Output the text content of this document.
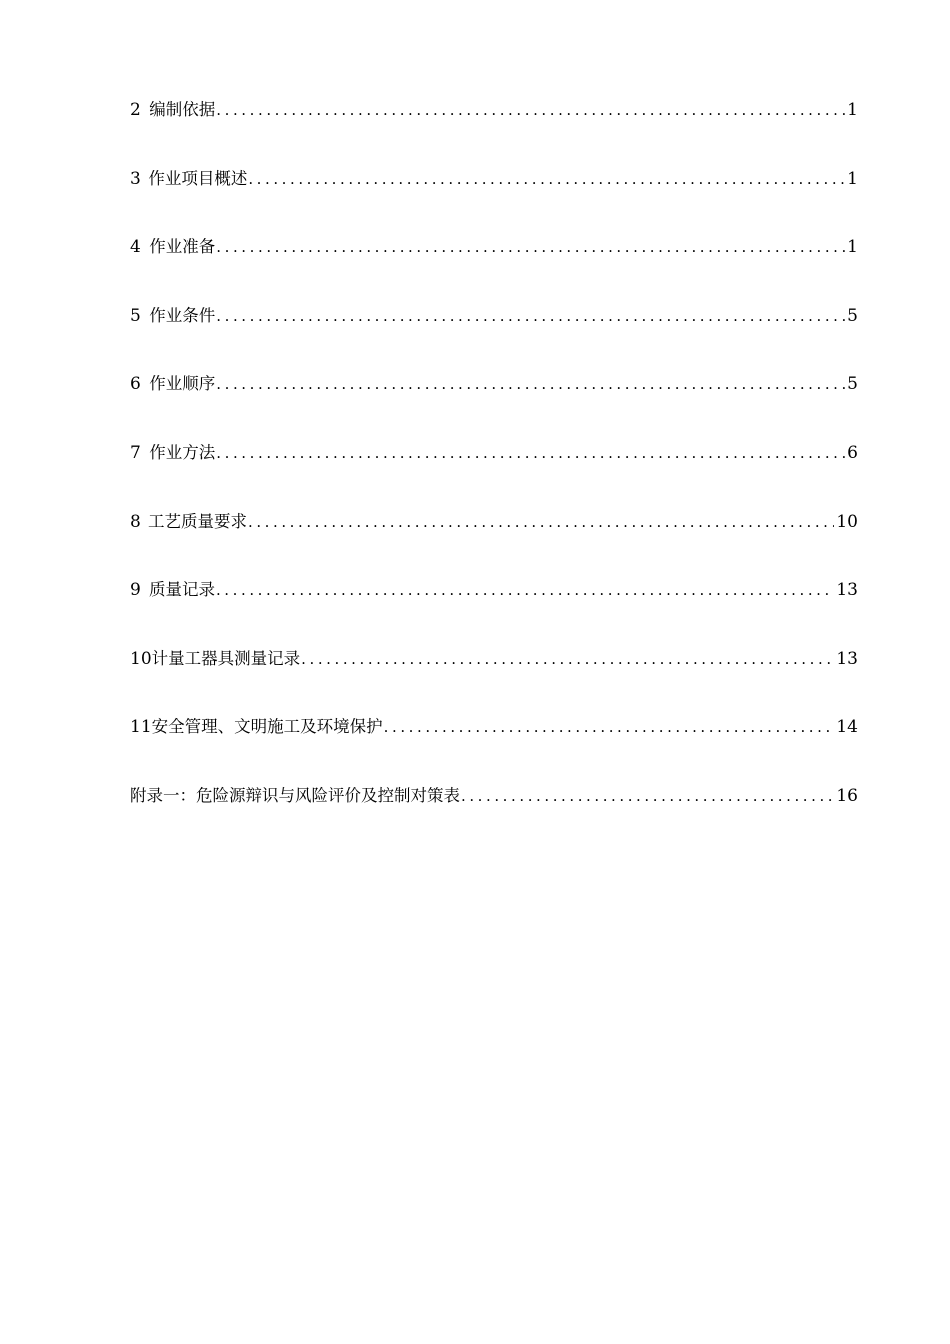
2 编制依据 . . .	1
3 作业项目概述 . . .	1
4 作业准备 . . .	1
5 作业条件 . . .	5
6 作业顺序 . . .	5
7 作业方法 . . .	6
8 工艺质量要求 . . .	10
9 质量记录 . . .	13
10 计量工器具测量记录 . . .	13
11 安全管理、文明施工及环境保护 . . .	14
附录一：危险源辩识与风险评价及控制对策表 . . .	16
